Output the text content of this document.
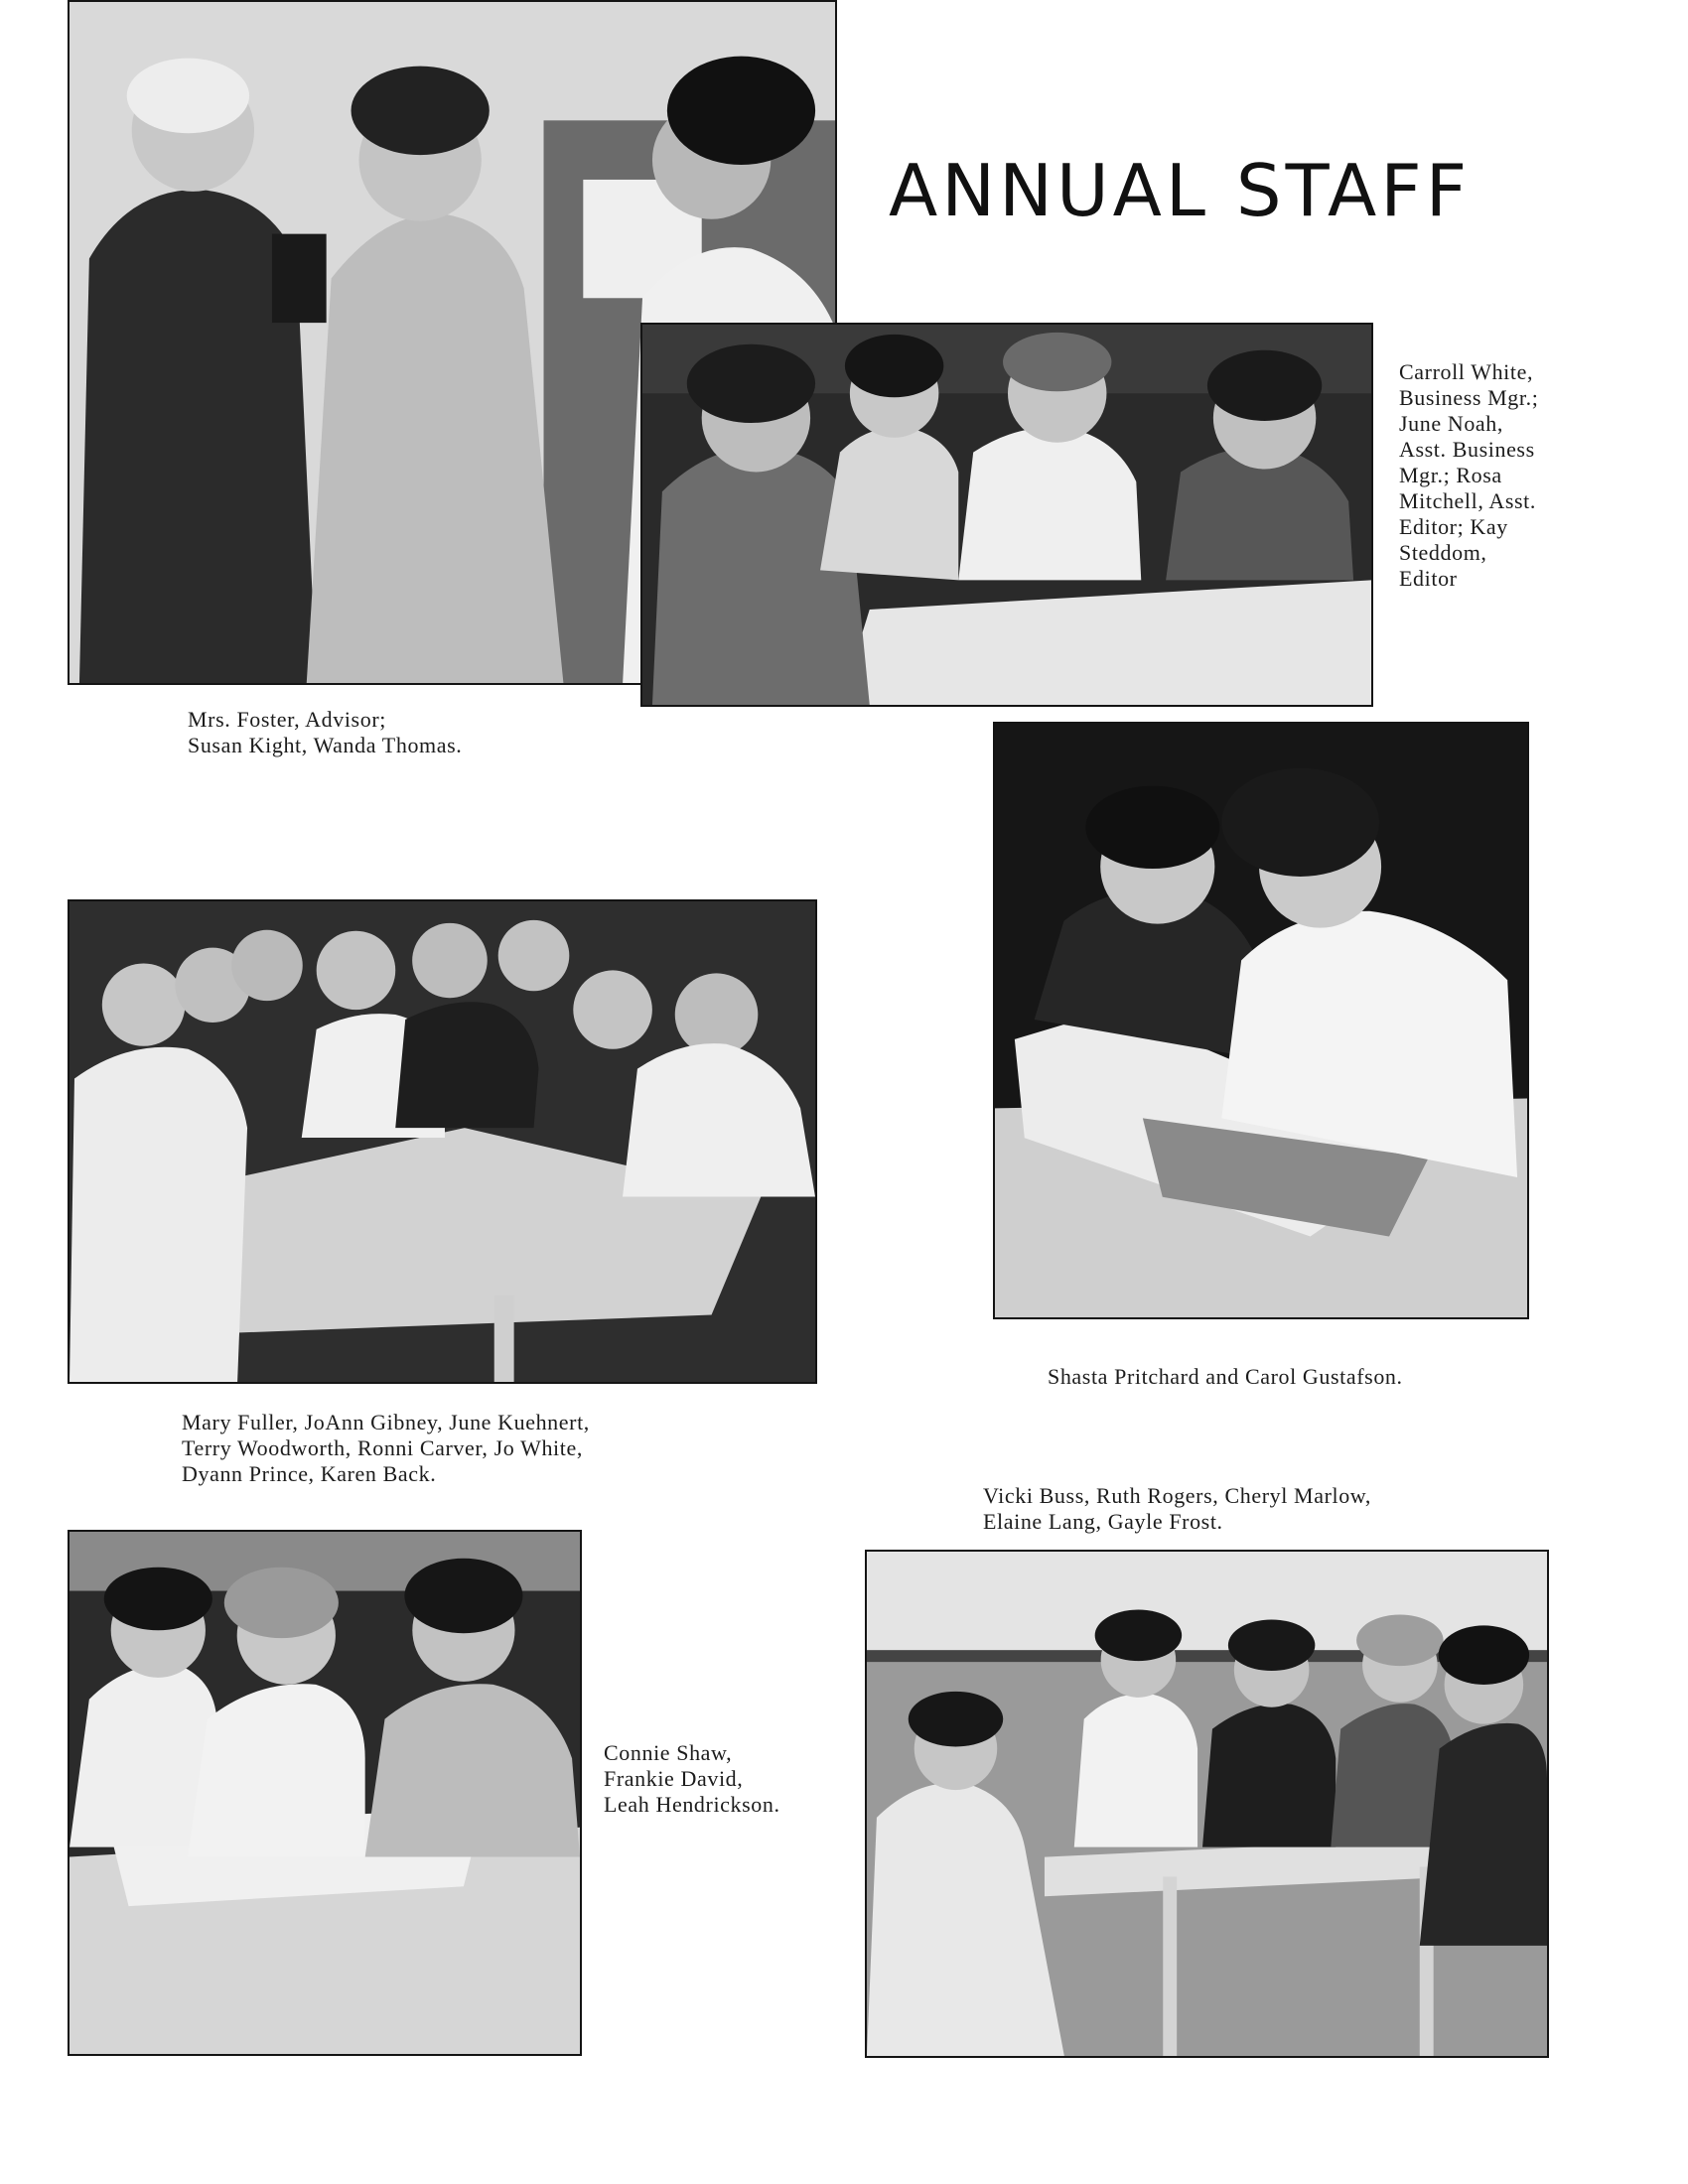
ANNUAL STAFF
Mrs. Foster, Advisor;
Susan Kight, Wanda Thomas.
Carroll White,
Business Mgr.;
June Noah,
Asst. Business
Mgr.; Rosa
Mitchell, Asst.
Editor; Kay
Steddom,
Editor
Shasta Pritchard and Carol Gustafson.
Mary Fuller, JoAnn Gibney, June Kuehnert,
Terry Woodworth, Ronni Carver, Jo White,
Dyann Prince, Karen Back.
Vicki Buss, Ruth Rogers, Cheryl Marlow,
Elaine Lang, Gayle Frost.
Connie Shaw,
Frankie David,
Leah Hendrickson.
